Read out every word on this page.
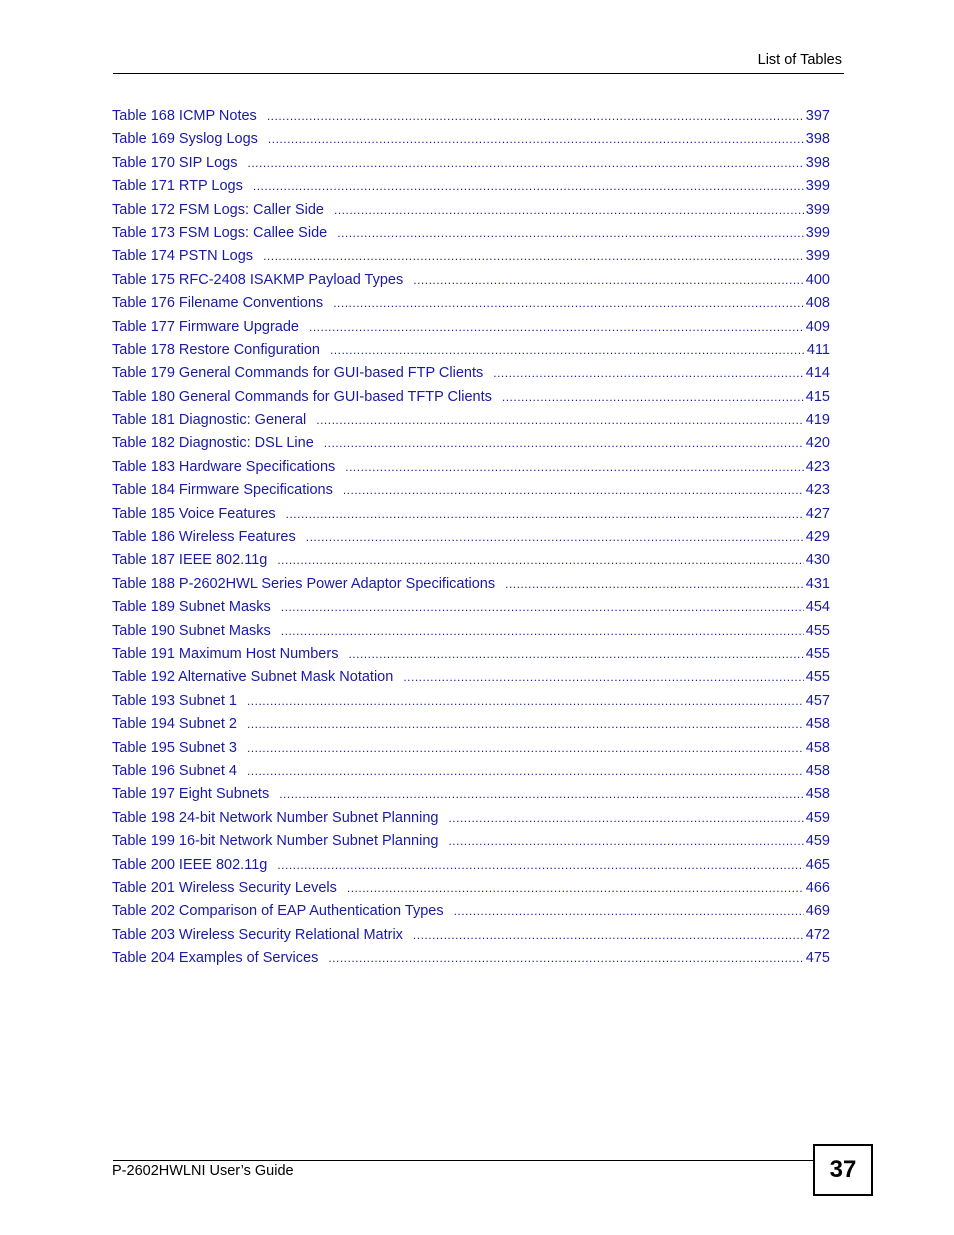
List of Tables
Table 168 ICMP Notes .....	397
Table 169 Syslog Logs .....	398
Table 170 SIP Logs .....	398
Table 171 RTP Logs .....	399
Table 172 FSM Logs: Caller Side .....	399
Table 173 FSM Logs: Callee Side .....	399
Table 174 PSTN Logs .....	399
Table 175 RFC-2408 ISAKMP Payload Types .....	400
Table 176 Filename Conventions .....	408
Table 177 Firmware Upgrade .....	409
Table 178 Restore Configuration .....	411
Table 179 General Commands for GUI-based FTP Clients .....	414
Table 180 General Commands for GUI-based TFTP Clients .....	415
Table 181 Diagnostic: General .....	419
Table 182 Diagnostic: DSL Line .....	420
Table 183 Hardware Specifications .....	423
Table 184 Firmware Specifications .....	423
Table 185 Voice Features .....	427
Table 186 Wireless Features .....	429
Table 187 IEEE 802.11g .....	430
Table 188 P-2602HWL Series Power Adaptor Specifications .....	431
Table 189 Subnet Masks .....	454
Table 190 Subnet Masks .....	455
Table 191 Maximum Host Numbers .....	455
Table 192 Alternative Subnet Mask Notation .....	455
Table 193 Subnet 1 .....	457
Table 194 Subnet 2 .....	458
Table 195 Subnet 3 .....	458
Table 196 Subnet 4 .....	458
Table 197 Eight Subnets .....	458
Table 198 24-bit Network Number Subnet Planning .....	459
Table 199 16-bit Network Number Subnet Planning .....	459
Table 200 IEEE 802.11g .....	465
Table 201 Wireless Security Levels .....	466
Table 202 Comparison of EAP Authentication Types .....	469
Table 203 Wireless Security Relational Matrix .....	472
Table 204 Examples of Services .....	475
P-2602HWLNI User’s Guide	37
